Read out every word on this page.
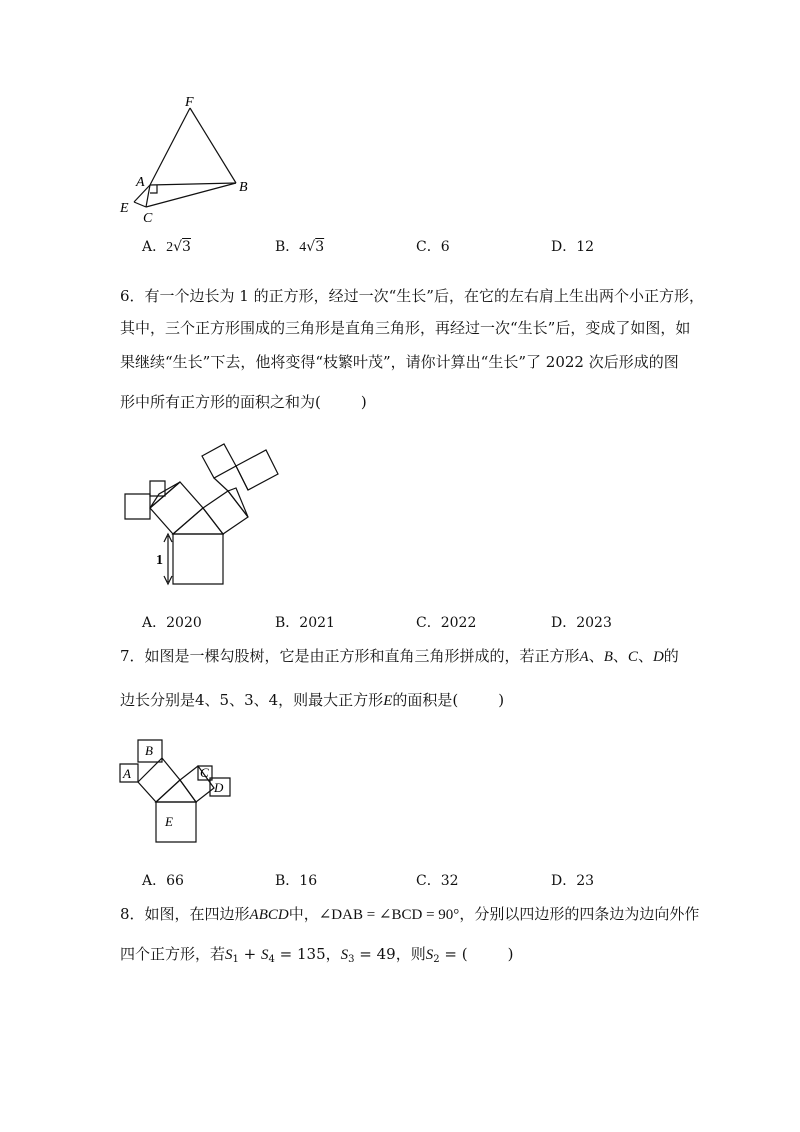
F
A	B
E
C
A．2√3	B．4√3	C．6	D．12
6．有一个边长为 1 的正方形，经过一次“生长”后，在它的左右肩上生出两个小正方形，
其中，三个正方形围成的三角形是直角三角形，再经过一次“生长”后，变成了如图，如
果继续“生长”下去，他将变得“枝繁叶茂”，请你计算出“生长”了 2022 次后形成的图
形中所有正方形的面积之和为(	)
1
A．2020	B．2021	C．2022	D．2023
7．如图是一棵勾股树，它是由正方形和直角三角形拼成的，若正方形A、B、C、D的
边长分别是4、5、3、4，则最大正方形E的面积是(	)
A
B
C
D
E
A．66	B．16	C．32	D．23
8．如图，在四边形ABCD中，∠DAB = ∠BCD = 90°，分别以四边形的四条边为边向外作
四个正方形，若$S_1 + S_4 = 135$，$S_3 = 49$，则$S_2$ = (	)
